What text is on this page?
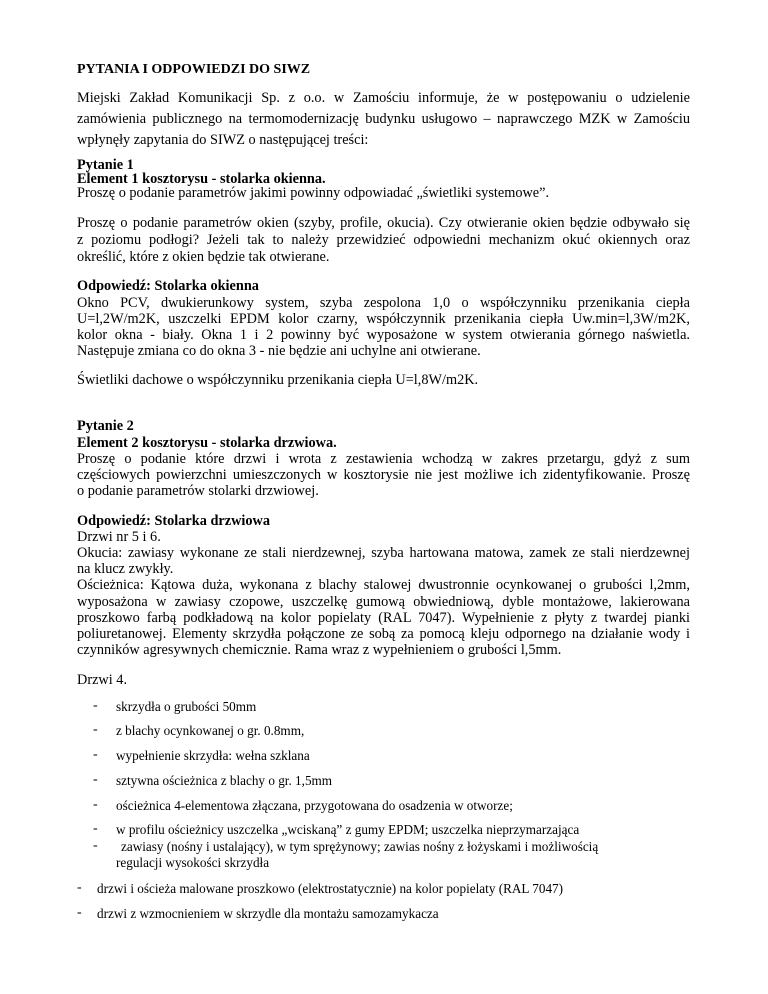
PYTANIA I ODPOWIEDZI DO SIWZ
Miejski Zakład Komunikacji Sp. z o.o. w Zamościu informuje, że w postępowaniu o udzielenie
zamówienia publicznego na termomodernizację budynku usługowo – naprawczego MZK w Zamościu
wpłynęły zapytania do SIWZ o następującej treści:
Pytanie 1
Element 1 kosztorysu - stolarka okienna.
Proszę o podanie parametrów jakimi powinny odpowiadać „świetliki systemowe”.
Proszę o podanie parametrów okien (szyby, profile, okucia). Czy otwieranie okien będzie odbywało się
z poziomu podłogi? Jeżeli tak to należy przewidzieć odpowiedni mechanizm okuć okiennych oraz
określić, które z okien będzie tak otwierane.
Odpowiedź: Stolarka okienna
Okno PCV, dwukierunkowy system, szyba zespolona 1,0 o współczynniku przenikania ciepła
U=l,2W/m2K, uszczelki EPDM kolor czarny, współczynnik przenikania ciepła Uw.min=l,3W/m2K,
kolor okna - biały. Okna 1 i 2 powinny być wyposażone w system otwierania górnego naświetla.
Następuje zmiana co do okna 3 - nie będzie ani uchylne ani otwierane.
Świetliki dachowe o współczynniku przenikania ciepła U=l,8W/m2K.
Pytanie 2
Element 2 kosztorysu - stolarka drzwiowa.
Proszę o podanie które drzwi i wrota z zestawienia wchodzą w zakres przetargu, gdyż z sum
częściowych powierzchni umieszczonych w kosztorysie nie jest możliwe ich zidentyfikowanie. Proszę
o podanie parametrów stolarki drzwiowej.
Odpowiedź: Stolarka drzwiowa
Drzwi nr 5 i 6.
Okucia: zawiasy wykonane ze stali nierdzewnej, szyba hartowana matowa, zamek ze stali nierdzewnej
na klucz zwykły.
Ościeżnica: Kątowa duża, wykonana z blachy stalowej dwustronnie ocynkowanej o grubości l,2mm,
wyposażona w zawiasy czopowe, uszczelkę gumową obwiedniową, dyble montażowe, lakierowana
proszkowo farbą podkładową na kolor popielaty (RAL 7047). Wypełnienie z płyty z twardej pianki
poliuretanowej. Elementy skrzydła połączone ze sobą za pomocą kleju odpornego na działanie wody i
czynników agresywnych chemicznie. Rama wraz z wypełnieniem o grubości l,5mm.
Drzwi 4.
- skrzydła o grubości 50mm
- z blachy ocynkowanej o gr. 0.8mm,
- wypełnienie skrzydła: wełna szklana
- sztywna ościeżnica z blachy o gr. 1,5mm
- ościeżnica 4-elementowa złączana, przygotowana do osadzenia w otworze;
- w profilu ościeżnicy uszczelka „wciskaną” z gumy EPDM; uszczelka nieprzymarzająca
- zawiasy (nośny i ustalający), w tym sprężynowy; zawias nośny z łożyskami i możliwością
regulacji wysokości skrzydła
- drzwi i ościeża malowane proszkowo (elektrostatycznie) na kolor popielaty (RAL 7047)
- drzwi z wzmocnieniem w skrzydle dla montażu samozamykacza
